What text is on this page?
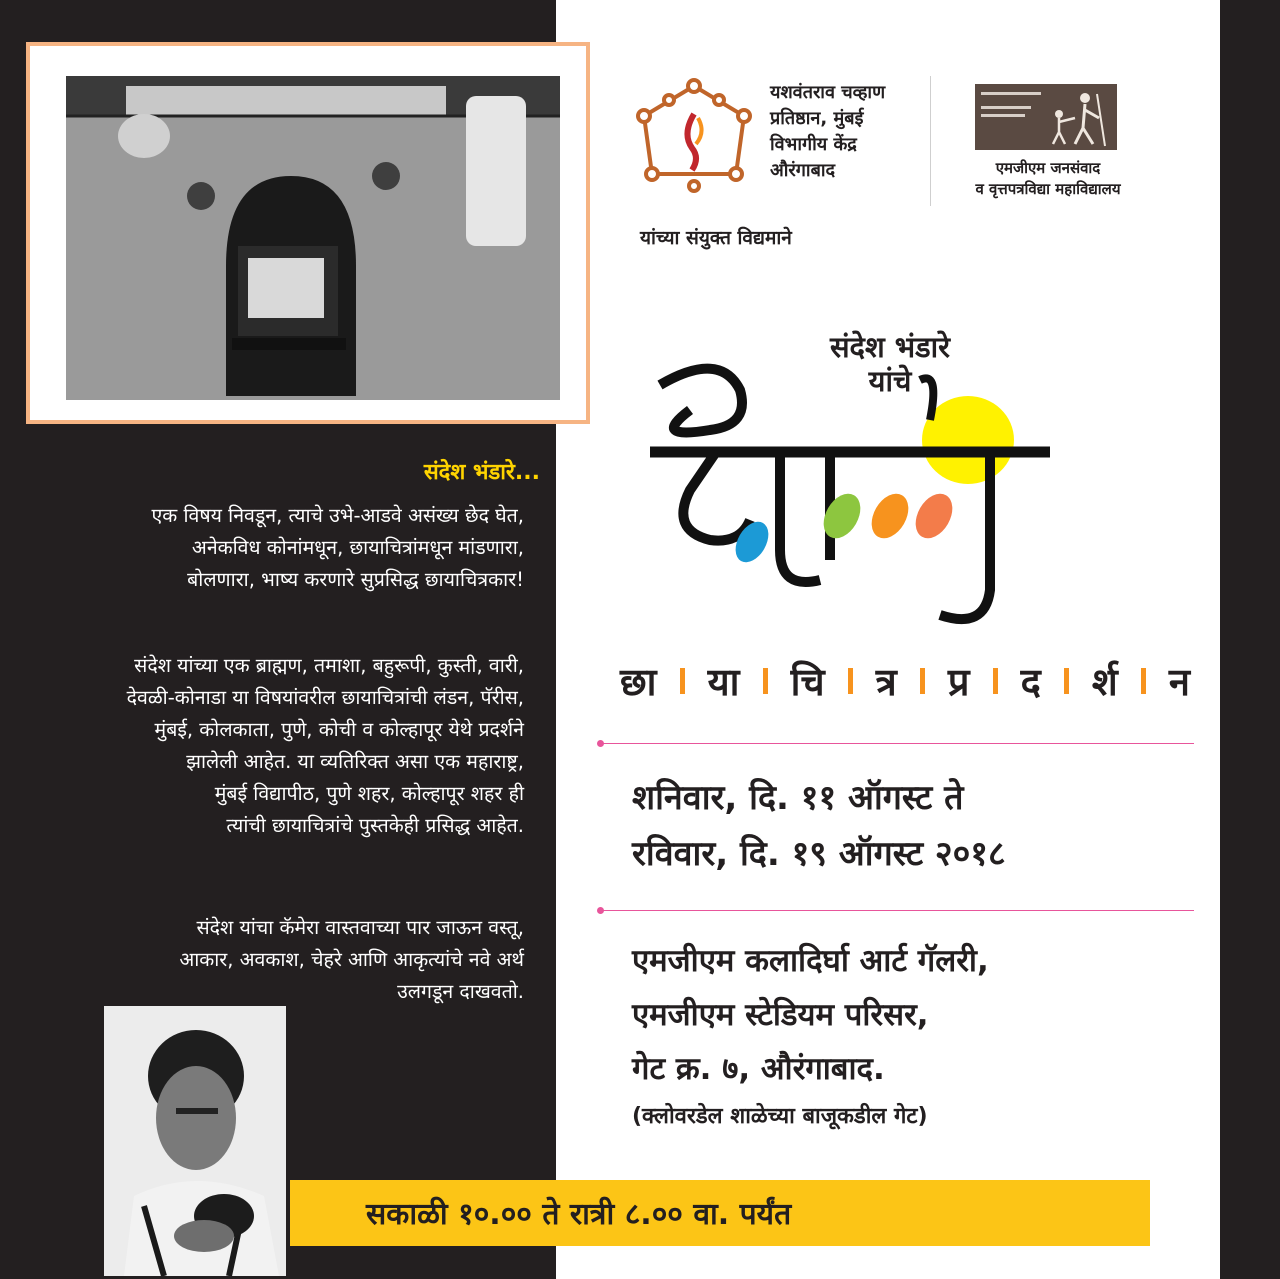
संदेश भंडारे...
एक विषय निवडून, त्याचे उभे-आडवे असंख्य छेद घेत,
अनेकविध कोनांमधून, छायाचित्रांमधून मांडणारा,
बोलणारा, भाष्य करणारे सुप्रसिद्ध छायाचित्रकार!
संदेश यांच्या एक ब्राह्मण, तमाशा, बहुरूपी, कुस्ती, वारी,
देवळी-कोनाडा या विषयांवरील छायाचित्रांची लंडन, पॅरीस,
मुंबई, कोलकाता, पुणे, कोची व कोल्हापूर येथे प्रदर्शने
झालेली आहेत. या व्यतिरिक्त असा एक महाराष्ट्र,
मुंबई विद्यापीठ, पुणे शहर, कोल्हापूर शहर ही
त्यांची छायाचित्रांचे पुस्तकेही प्रसिद्ध आहेत.
संदेश यांचा कॅमेरा वास्तवाच्या पार जाऊन वस्तू,
आकार, अवकाश, चेहरे आणि आकृत्यांचे नवे अर्थ
उलगडून दाखवतो.
यशवंतराव चव्हाण
प्रतिष्ठान, मुंबई
विभागीय केंद्र
औरंगाबाद	एमजीएम जनसंवाद
व वृत्तपत्रविद्या महाविद्यालय
यांच्या संयुक्त विद्यमाने
संदेश भंडारे
यांचे
छा या चि त्र प्र द र्श न
शनिवार, दि. ११ ऑगस्ट ते
रविवार, दि. १९ ऑगस्ट २०१८
एमजीएम कलादिर्घा आर्ट गॅलरी,
एमजीएम स्टेडियम परिसर,
गेट क्र. ७, औरंगाबाद.
(क्लोवरडेल शाळेच्या बाजूकडील गेट)
सकाळी १०.०० ते रात्री ८.०० वा. पर्यंत
